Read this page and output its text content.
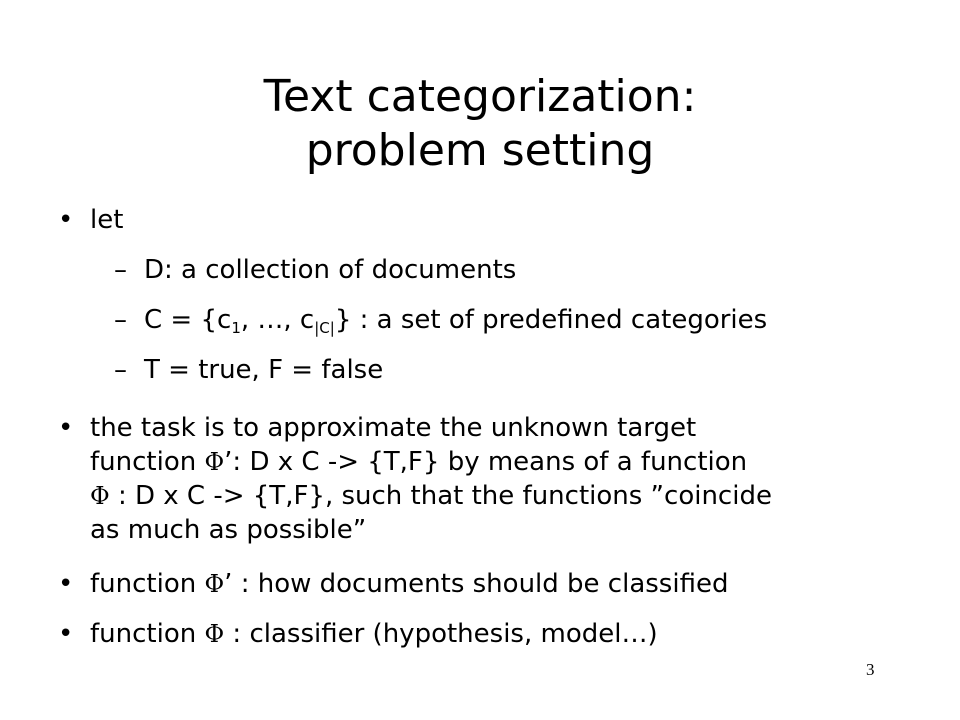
Text categorization:
problem setting
• let
– D: a collection of documents
– $C = \{c_1$, …, $c_{|C|}$} : a set of predefined categories
– T = true, F = false
• the task is to approximate the unknown target
function Φ’: D x C -> {T,F} by means of a function
Φ : D x C -> {T,F}, such that the functions ”coincide
as much as possible”
• function Φ’ : how documents should be classified
• function Φ : classifier (hypothesis, model…)
3
